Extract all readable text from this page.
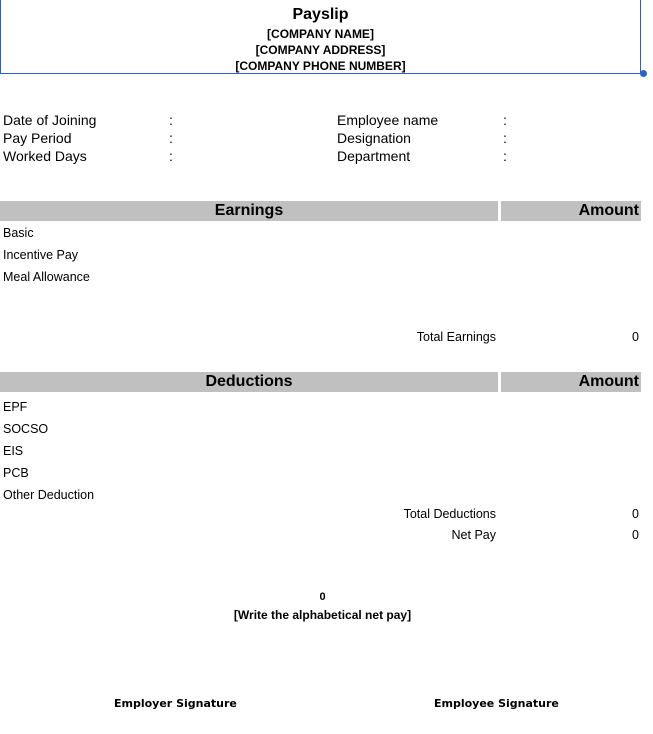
Payslip
[COMPANY NAME]
[COMPANY ADDRESS]
[COMPANY PHONE NUMBER]
Date of Joining	:
Pay Period	:
Worked Days	:
Employee name	:
Designation	:
Department	:
Earnings	Amount
Basic
Incentive Pay
Meal Allowance
Total Earnings	0
Deductions	Amount
EPF
SOCSO
EIS
PCB
Other Deduction
Total Deductions	0
Net Pay	0
0
[Write the alphabetical net pay]
Employer Signature	Employee Signature
